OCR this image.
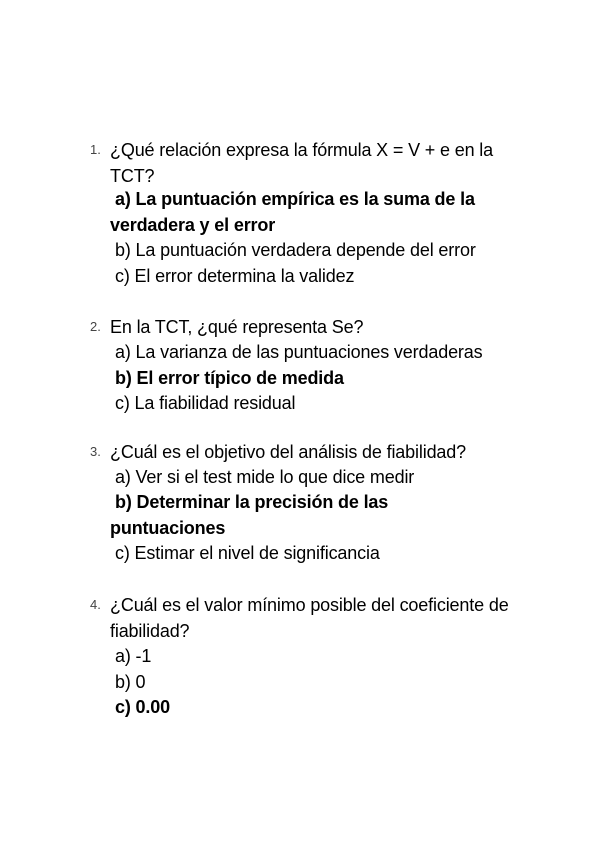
1. ¿Qué relación expresa la fórmula X = V + e en la TCT?
a) La puntuación empírica es la suma de la verdadera y el error
b) La puntuación verdadera depende del error
c) El error determina la validez
2. En la TCT, ¿qué representa Se?
a) La varianza de las puntuaciones verdaderas
b) El error típico de medida
c) La fiabilidad residual
3. ¿Cuál es el objetivo del análisis de fiabilidad?
a) Ver si el test mide lo que dice medir
b) Determinar la precisión de las puntuaciones
c) Estimar el nivel de significancia
4. ¿Cuál es el valor mínimo posible del coeficiente de fiabilidad?
a) -1
b) 0
c) 0.00
